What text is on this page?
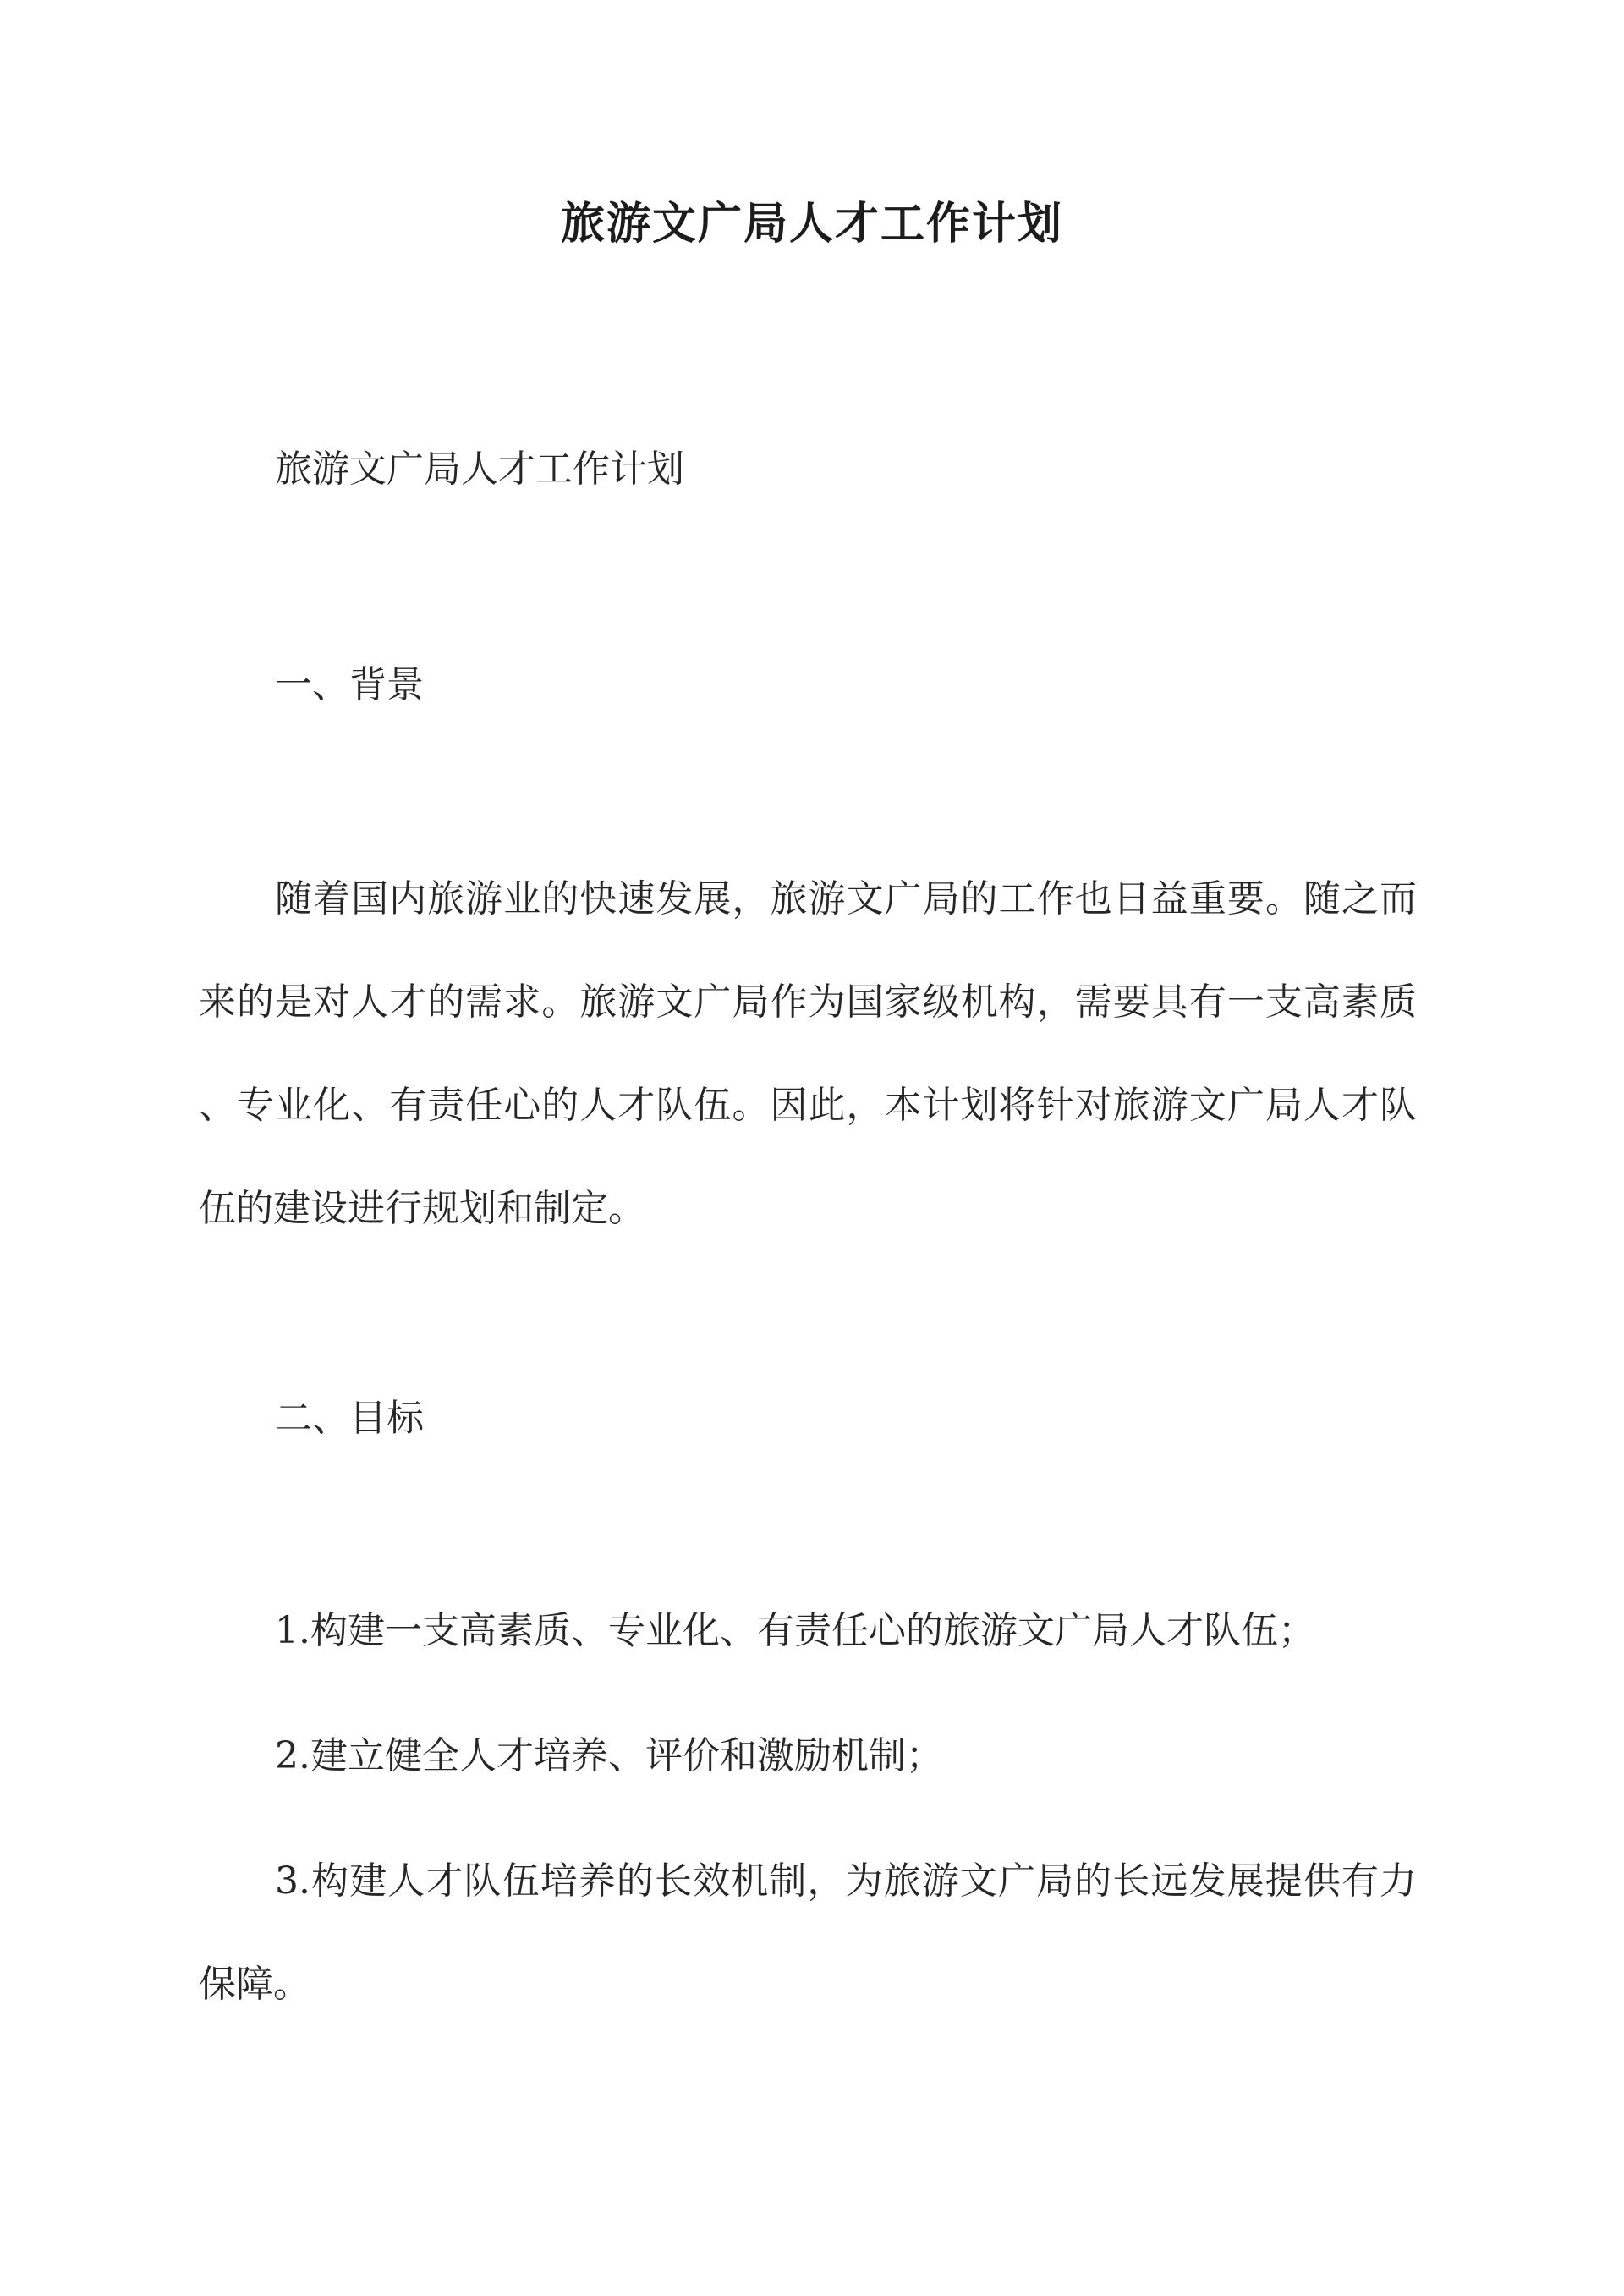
旅游文广局人才工作计划

旅游文广局人才工作计划

一、背景

随着国内旅游业的快速发展，旅游文广局的工作也日益重要。随之而

来的是对人才的需求。旅游文广局作为国家级机构，需要具有一支高素质

、专业化、有责任心的人才队伍。因此，本计划将针对旅游文广局人才队

伍的建设进行规划和制定。

二、目标

1.构建一支高素质、专业化、有责任心的旅游文广局人才队伍；

2.建立健全人才培养、评价和激励机制；

3.构建人才队伍培养的长效机制，为旅游文广局的长远发展提供有力

保障。
